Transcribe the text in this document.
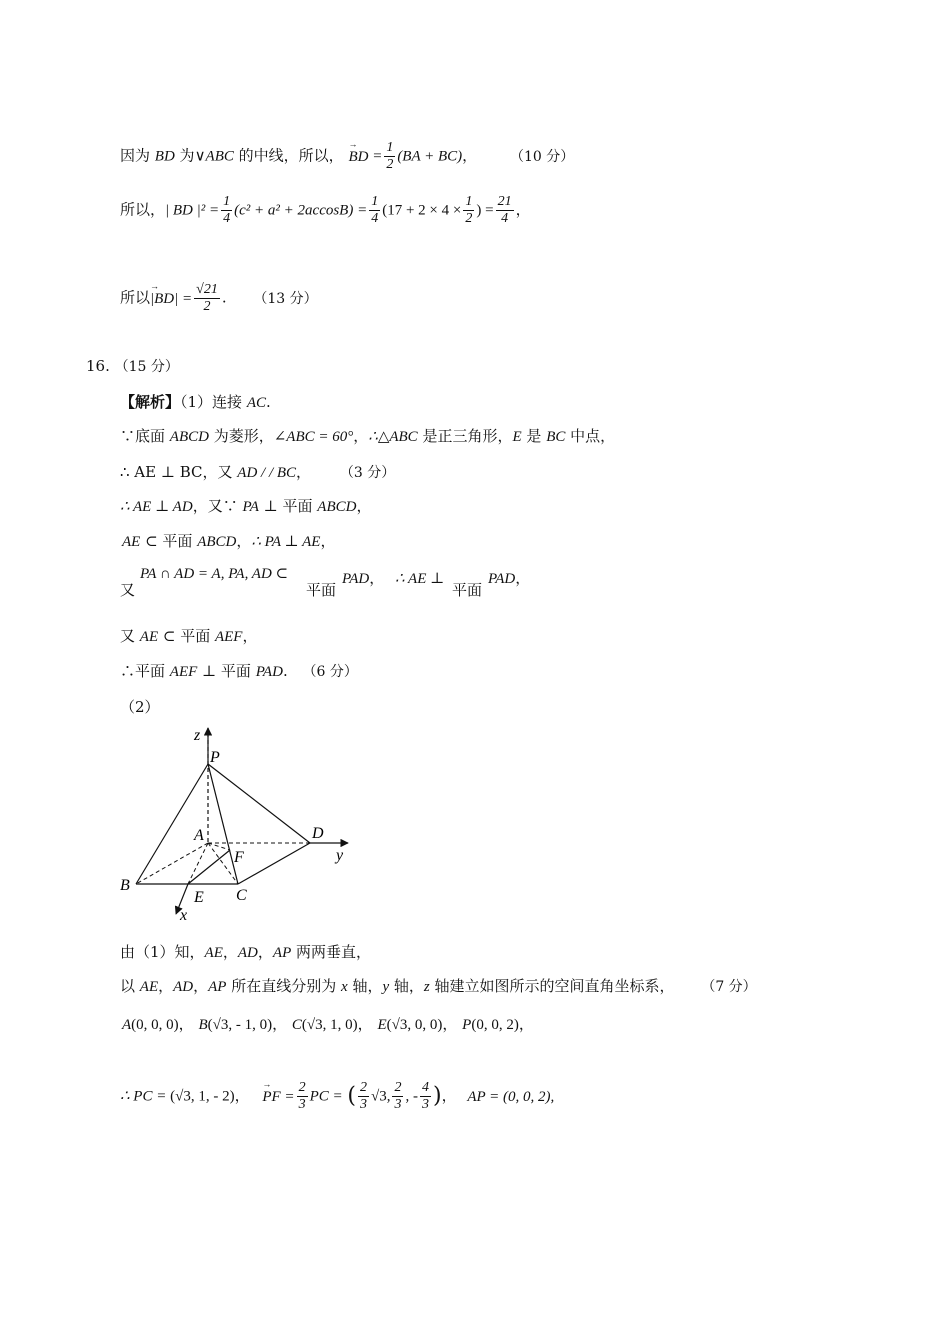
因为 BD 为∨ABC 的中线，所以， → BD = $\frac{1}{2} (BA + BC)$， （10 分）
所以，| BD $|^2 = \frac{1}{4} (c^2 + a^2 + 2accosB) = \frac{1}{4} (17 + 2 \times 4 \times \frac{1}{2}$ ) = $\frac{21}{4}$ ，
所以→ $|BD| = \frac{√21}{2}$ . （13 分）
16. （15 分）
【解析】（1）连接 AC.
∵底面 ABCD 为菱形，∠ABC = 60°，∴△ABC 是正三角形，E 是 BC 中点，
∴ AE ⊥ BC，又 AD / / BC， （3 分）
∴ AE ⊥ AD，又∵ PA ⊥ 平面 ABCD，
AE ⊂ 平面 ABCD，∴ PA ⊥ AE，
又
PA ∩ AD = A, PA, AD ⊂
平面
PAD， ∴ AE ⊥
平面
PAD，
又 AE ⊂ 平面 AEF，
∴平面 AEF ⊥ 平面 PAD. （6 分）
（2）
z
P
A	D
y
F
B
E C
x
由（1）知，AE，AD，AP 两两垂直，
以 AE，AD，AP 所在直线分别为 x 轴，y 轴，z 轴建立如图所示的空间直角坐标系， （7 分）
A(0, 0, 0)， B(√3, - 1, 0)， C(√3, 1, 0)， E(√3, 0, 0)， P(0, 0, 2)，
∴ PC = (√3, 1, - 2)， → PF = $\frac{2}{3}$ PC = ( $\frac{2}{3} √3$, $\frac{2}{3}$ , - $\frac{4}{3}$ )， AP = (0, 0, 2),
